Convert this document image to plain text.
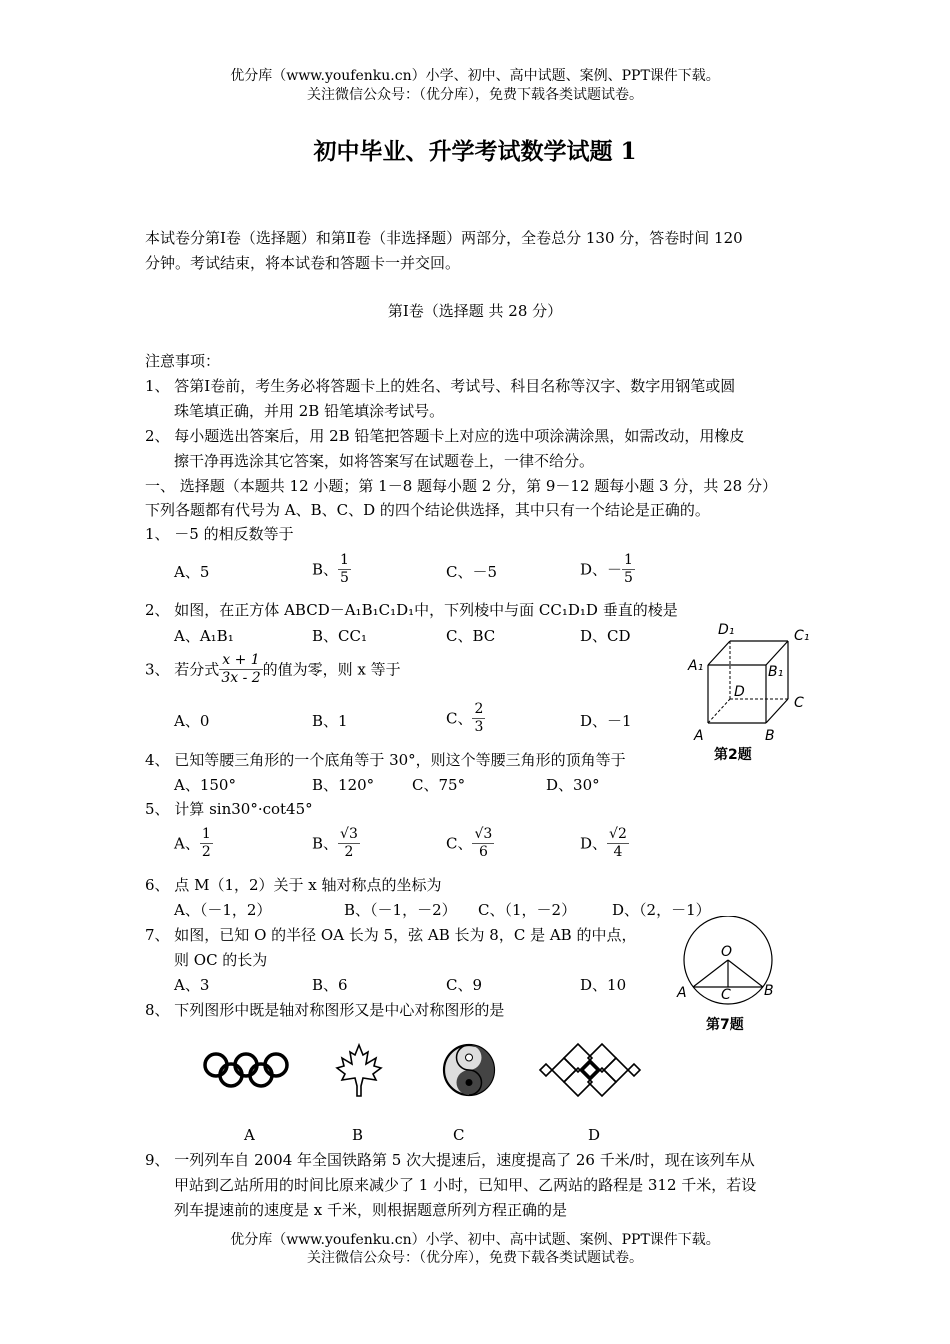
优分库（www.youfenku.cn）小学、初中、高中试题、案例、PPT课件下载。
关注微信公众号：（优分库），免费下载各类试题试卷。
初中毕业、升学考试数学试题 1
本试卷分第Ⅰ卷（选择题）和第Ⅱ卷（非选择题）两部分，全卷总分 130 分，答卷时间 120
分钟。考试结束，将本试卷和答题卡一并交回。
第Ⅰ卷（选择题 共 28 分）
注意事项：
1、 答第Ⅰ卷前，考生务必将答题卡上的姓名、考试号、科目名称等汉字、数字用钢笔或圆
珠笔填正确，并用 2B 铅笔填涂考试号。
2、 每小题选出答案后，用 2B 铅笔把答题卡上对应的选中项涂满涂黑，如需改动，用橡皮
擦干净再选涂其它答案，如将答案写在试题卷上，一律不给分。
一、 选择题（本题共 12 小题；第 1－8 题每小题 2 分，第 9－12 题每小题 3 分，共 28 分）
下列各题都有代号为 A、B、C、D 的四个结论供选择，其中只有一个结论是正确的。
1、 －5 的相反数等于
A、5	B、 $\frac{1}{5}$	C、－5	D、－ $\frac{1}{5}$
2、 如图，在正方体 ABCD－A₁B₁C₁D₁中，下列棱中与面 CC₁D₁D 垂直的棱是
A、A₁B₁	B、CC₁	C、BC	D、CD
3、 若分式 $\frac{x + 1}{3x - 2}$ 的值为零，则 x 等于
A、0	B、1	C、 $\frac{2}{3}$	D、－1
D₁	C₁
A₁	B₁
D
C
A	B
第2题
4、 已知等腰三角形的一个底角等于 30°，则这个等腰三角形的顶角等于
A、150°	B、120°	C、75°	D、30°
5、 计算 sin30°·cot45°
A、 $\frac{1}{2}$	B、 $\frac{√3}{2}$	C、 $\frac{√3}{6}$	D、 $\frac{√2}{4}$
6、 点 M（1，2）关于 x 轴对称点的坐标为
A、（－1，2）	B、（－1，－2） C、（1，－2） D、（2，－1）
7、 如图，已知 O 的半径 OA 长为 5，弦 AB 长为 8，C 是 AB 的中点，
则 OC 的长为
A、3	B、6	C、9	D、10
O
A C B
第7题
8、 下列图形中既是轴对称图形又是中心对称图形的是
A	B	C	D
9、 一列列车自 2004 年全国铁路第 5 次大提速后，速度提高了 26 千米/时，现在该列车从
甲站到乙站所用的时间比原来减少了 1 小时，已知甲、乙两站的路程是 312 千米，若设
列车提速前的速度是 x 千米，则根据题意所列方程正确的是
优分库（www.youfenku.cn）小学、初中、高中试题、案例、PPT课件下载。
关注微信公众号：（优分库），免费下载各类试题试卷。
